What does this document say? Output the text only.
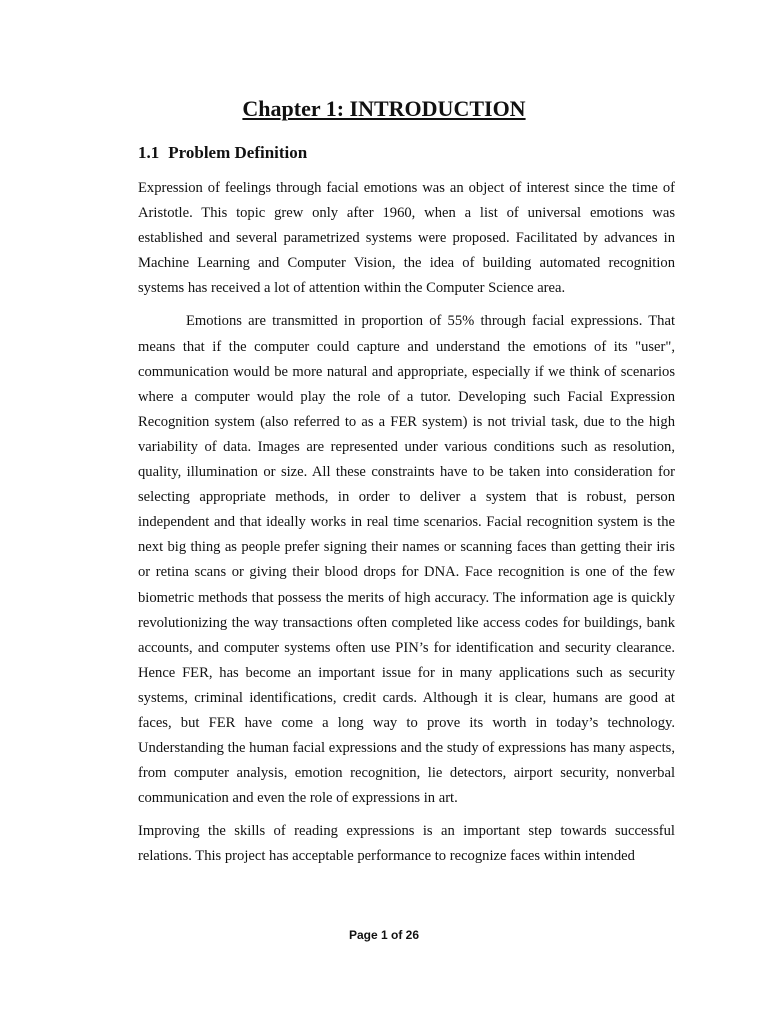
Chapter 1: INTRODUCTION
1.1 Problem Definition

Expression of feelings through facial emotions was an object of interest since the time of Aristotle. This topic grew only after 1960, when a list of universal emotions was established and several parametrized systems were proposed. Facilitated by advances in Machine Learning and Computer Vision, the idea of building automated recognition systems has received a lot of attention within the Computer Science area.

Emotions are transmitted in proportion of 55% through facial expressions. That means that if the computer could capture and understand the emotions of its "user", communication would be more natural and appropriate, especially if we think of scenarios where a computer would play the role of a tutor. Developing such Facial Expression Recognition system (also referred to as a FER system) is not trivial task, due to the high variability of data. Images are represented under various conditions such as resolution, quality, illumination or size. All these constraints have to be taken into consideration for selecting appropriate methods, in order to deliver a system that is robust, person independent and that ideally works in real time scenarios. Facial recognition system is the next big thing as people prefer signing their names or scanning faces than getting their iris or retina scans or giving their blood drops for DNA. Face recognition is one of the few biometric methods that possess the merits of high accuracy. The information age is quickly revolutionizing the way transactions often completed like access codes for buildings, bank accounts, and computer systems often use PIN’s for identification and security clearance. Hence FER, has become an important issue for in many applications such as security systems, criminal identifications, credit cards. Although it is clear, humans are good at faces, but FER have come a long way to prove its worth in today’s technology. Understanding the human facial expressions and the study of expressions has many aspects, from computer analysis, emotion recognition, lie detectors, airport security, nonverbal communication and even the role of expressions in art.

Improving the skills of reading expressions is an important step towards successful relations. This project has acceptable performance to recognize faces within intended

Page 1 of 26
